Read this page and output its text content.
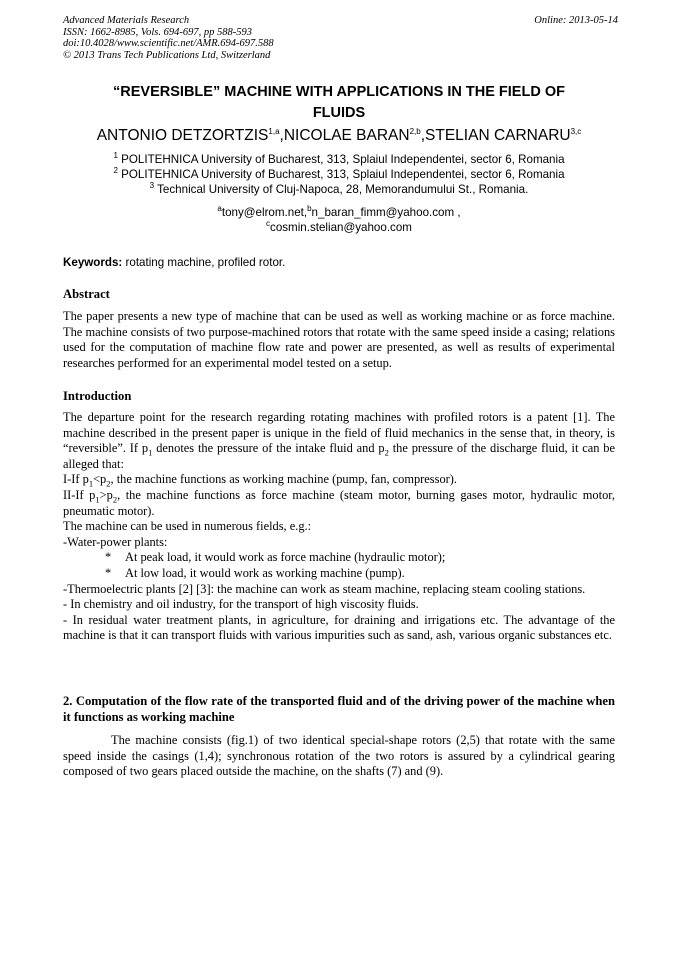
Advanced Materials Research
ISSN: 1662-8985, Vols. 694-697, pp 588-593
doi:10.4028/www.scientific.net/AMR.694-697.588
© 2013 Trans Tech Publications Ltd, Switzerland
Online: 2013-05-14
“REVERSIBLE” MACHINE WITH APPLICATIONS IN THE FIELD OF
FLUIDS
ANTONIO DETZORTZIS$^{1,a}$,NICOLAE BARAN$^{2,b}$,STELIAN CARNARU$^{3,c}$
$^1$ POLITEHNICA University of Bucharest, 313, Splaiul Independentei, sector 6, Romania
$^2$ POLITEHNICA University of Bucharest, 313, Splaiul Independentei, sector 6, Romania
$^3$ Technical University of Cluj-Napoca, 28, Memorandumului St., Romania.
$^a$tony@elrom.net,$^b$n_baran_fimm@yahoo.com ,
$^c$cosmin.stelian@yahoo.com
Keywords: rotating machine, profiled rotor.
Abstract

The paper presents a new type of machine that can be used as well as working machine or as force machine. The machine consists of two purpose-machined rotors that rotate with the same speed inside a casing; relations used for the computation of machine flow rate and power are presented, as well as results of experimental researches performed for an experimental model tested on a setup.

Introduction

The departure point for the research regarding rotating machines with profiled rotors is a patent [1]. The machine described in the present paper is unique in the field of fluid mechanics in the sense that, in theory, is “reversible”. If $p_1$ denotes the pressure of the intake fluid and $p_2$ the pressure of the discharge fluid, it can be alleged that:

I-If $p_1<p_2$, the machine functions as working machine (pump, fan, compressor).

II-If $p_1>p_2$, the machine functions as force machine (steam motor, burning gases motor, hydraulic motor, pneumatic motor).

The machine can be used in numerous fields, e.g.:

-Water-power plants:

* At peak load, it would work as force machine (hydraulic motor);

* At low load, it would work as working machine (pump).

-Thermoelectric plants [2] [3]: the machine can work as steam machine, replacing steam cooling stations.

- In chemistry and oil industry, for the transport of high viscosity fluids.

- In residual water treatment plants, in agriculture, for draining and irrigations etc. The advantage of the machine is that it can transport fluids with various impurities such as sand, ash, various organic substances etc.

2. Computation of the flow rate of the transported fluid and of the driving power of the machine when it functions as working machine

The machine consists (fig.1) of two identical special-shape rotors (2,5) that rotate with the same speed inside the casings (1,4); synchronous rotation of the two rotors is assured by a cylindrical gearing composed of two gears placed outside the machine, on the shafts (7) and (9).
